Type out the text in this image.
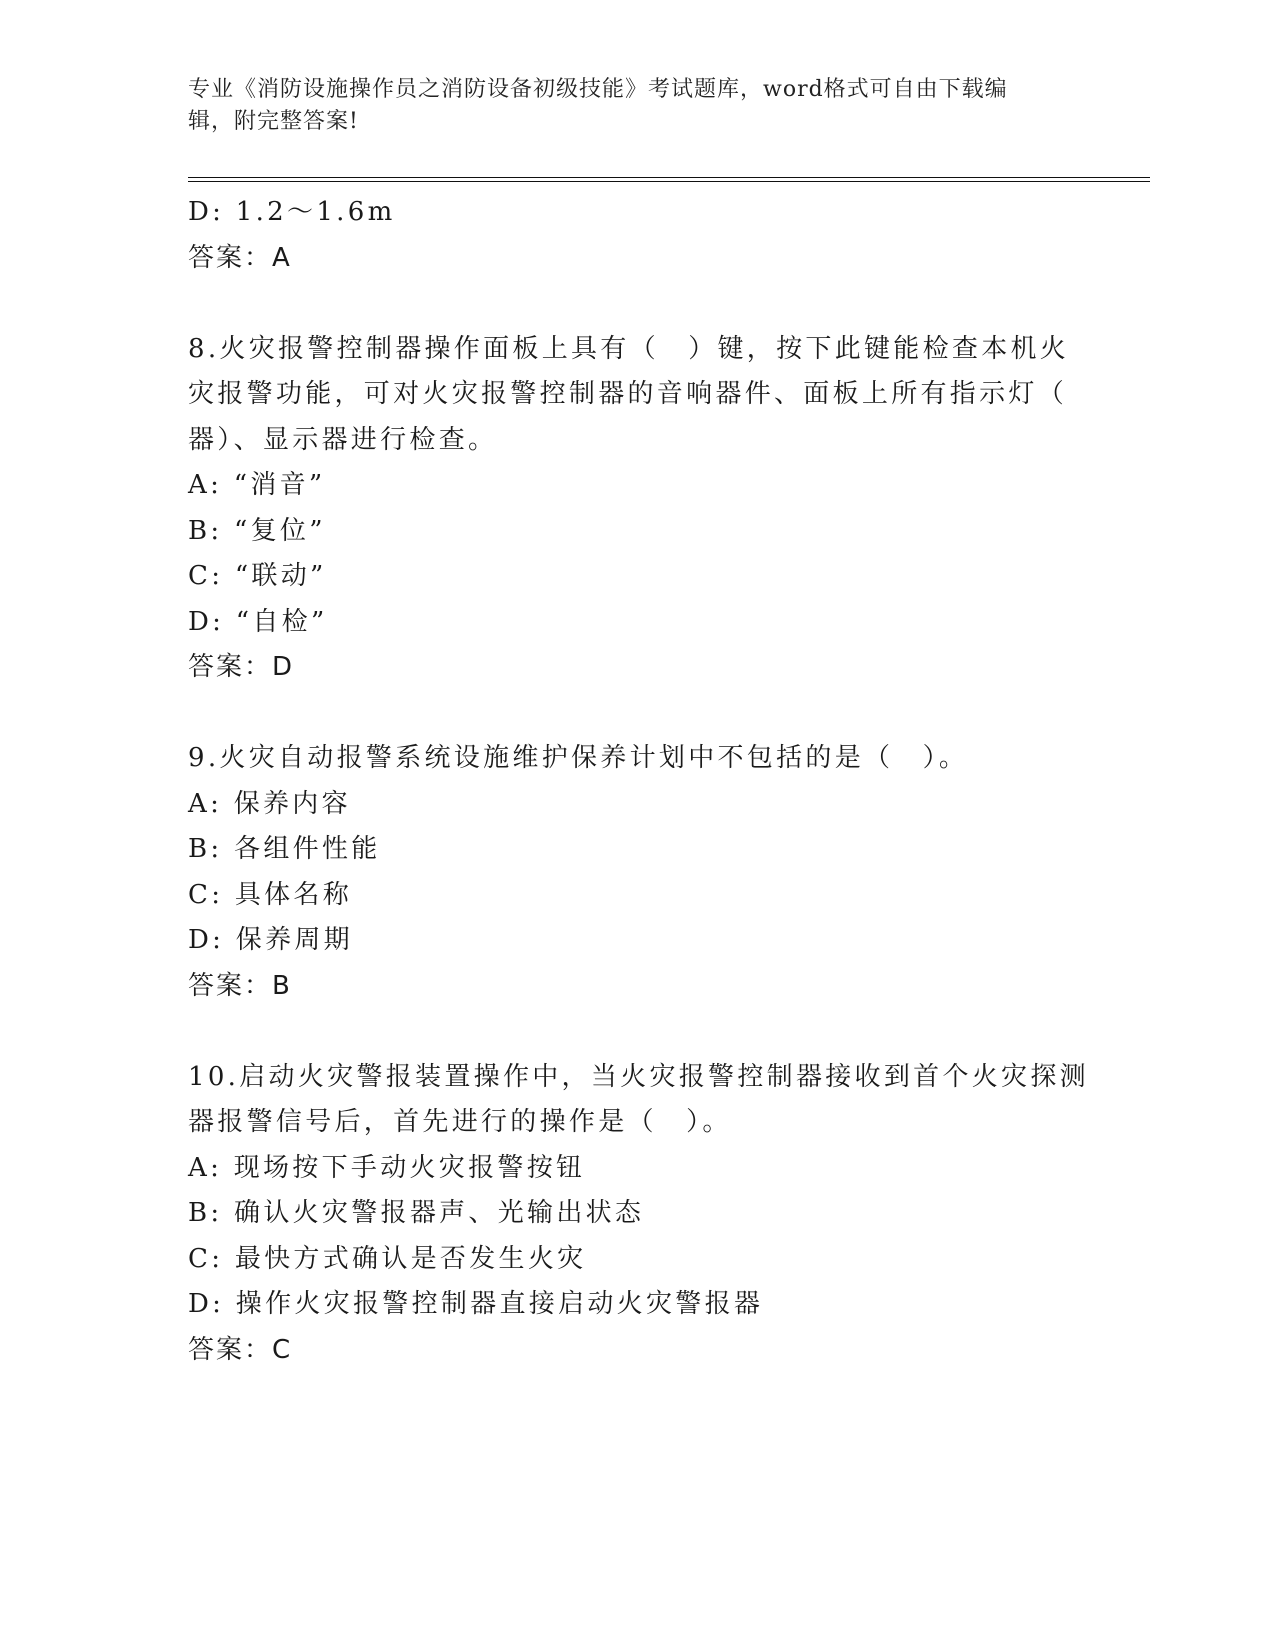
专业《消防设施操作员之消防设备初级技能》考试题库，word格式可自由下载编
辑，附完整答案!
D: 1.2～1.6m
答案：A
8.火灾报警控制器操作面板上具有（　）键，按下此键能检查本机火
灾报警功能，可对火灾报警控制器的音响器件、面板上所有指示灯（
器）、显示器进行检查。
A: “消音”
B: “复位”
C: “联动”
D: “自检”
答案：D
9.火灾自动报警系统设施维护保养计划中不包括的是（　）。
A: 保养内容
B: 各组件性能
C: 具体名称
D: 保养周期
答案：B
10.启动火灾警报装置操作中，当火灾报警控制器接收到首个火灾探测
器报警信号后，首先进行的操作是（　）。
A: 现场按下手动火灾报警按钮
B: 确认火灾警报器声、光输出状态
C: 最快方式确认是否发生火灾
D: 操作火灾报警控制器直接启动火灾警报器
答案：C
